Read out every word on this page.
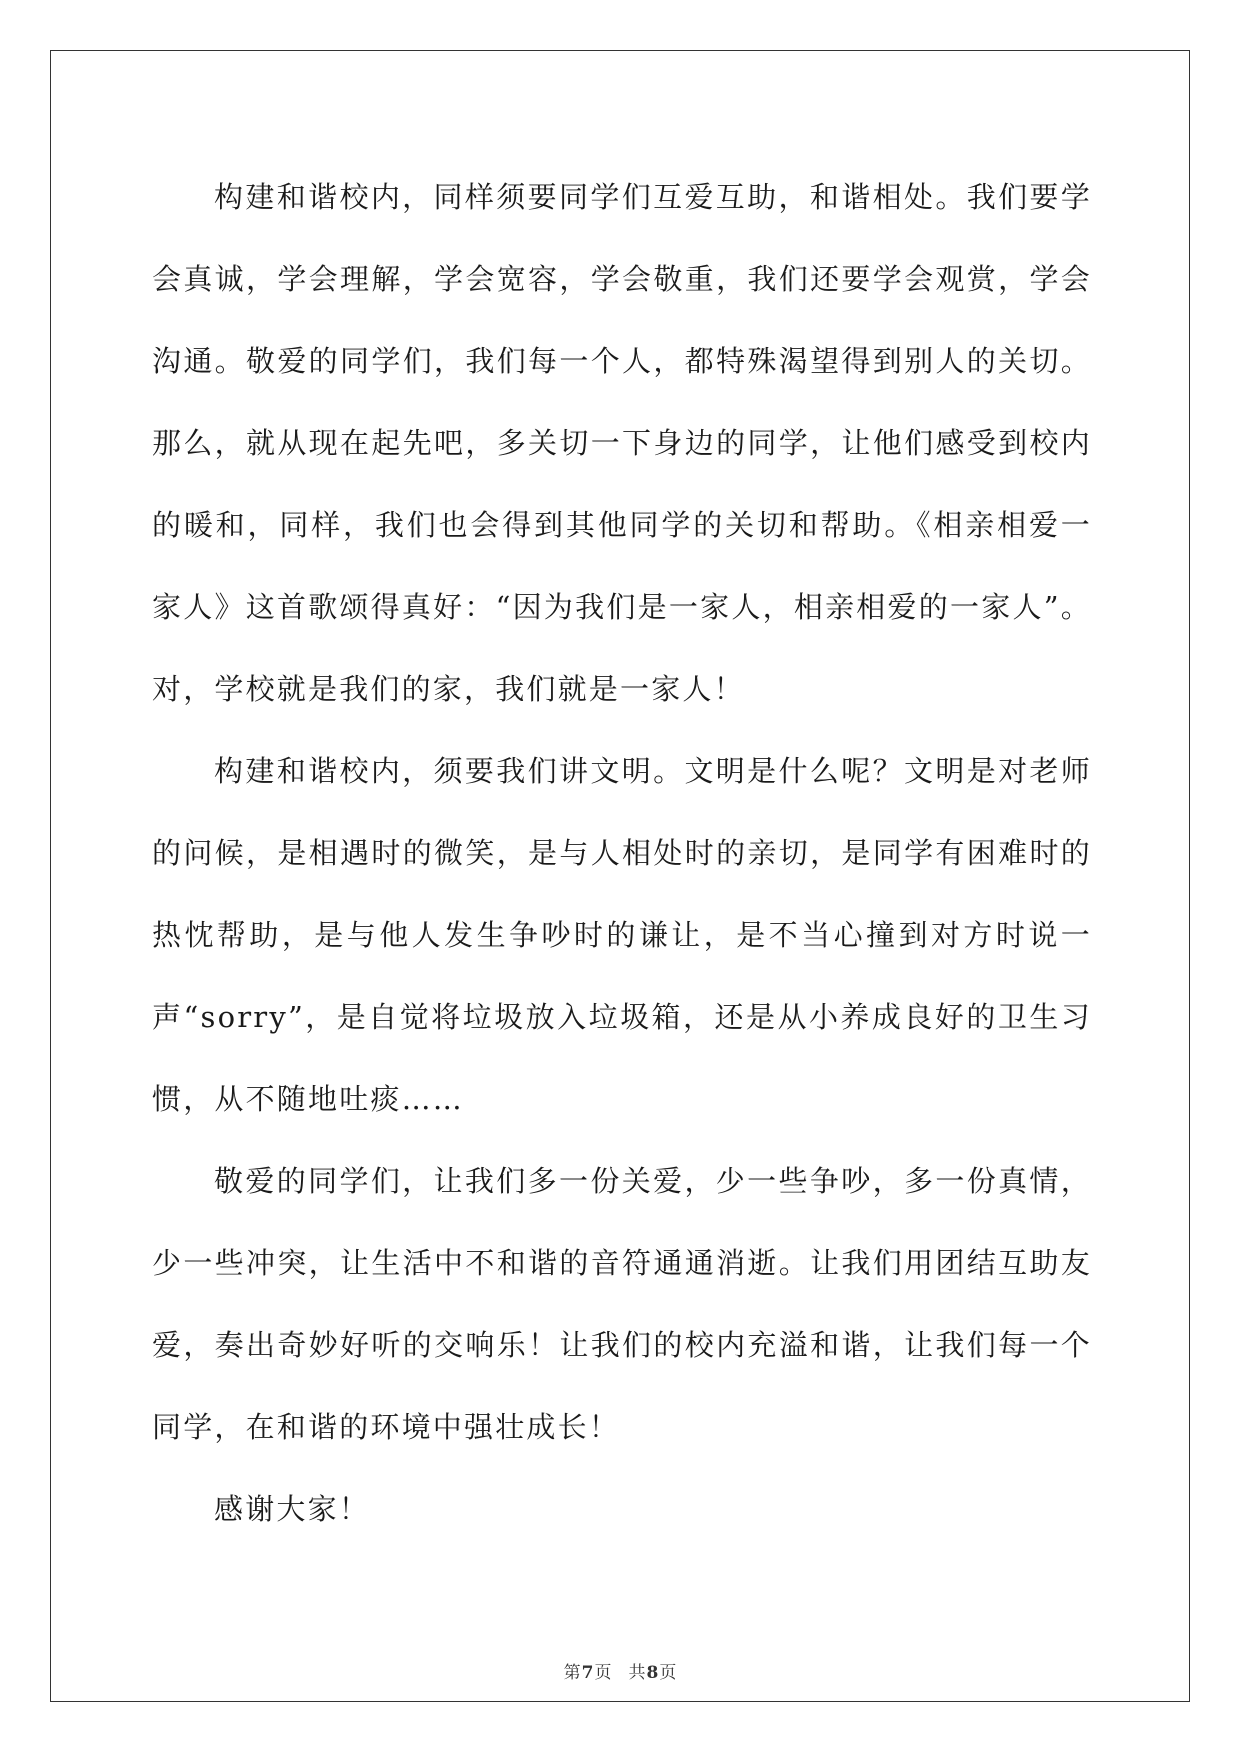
构建和谐校内，同样须要同学们互爱互助，和谐相处。我们要学会真诚，学会理解，学会宽容，学会敬重，我们还要学会观赏，学会沟通。敬爱的同学们，我们每一个人，都特殊渴望得到别人的关切。那么，就从现在起先吧，多关切一下身边的同学，让他们感受到校内的暖和，同样，我们也会得到其他同学的关切和帮助。《相亲相爱一家人》这首歌颂得真好：“因为我们是一家人，相亲相爱的一家人”。对，学校就是我们的家，我们就是一家人！

构建和谐校内，须要我们讲文明。文明是什么呢？文明是对老师的问候，是相遇时的微笑，是与人相处时的亲切，是同学有困难时的热忱帮助，是与他人发生争吵时的谦让，是不当心撞到对方时说一声“sorry”，是自觉将垃圾放入垃圾箱，还是从小养成良好的卫生习惯，从不随地吐痰……

敬爱的同学们，让我们多一份关爱，少一些争吵，多一份真情，少一些冲突，让生活中不和谐的音符通通消逝。让我们用团结互助友爱，奏出奇妙好听的交响乐！让我们的校内充溢和谐，让我们每一个同学，在和谐的环境中强壮成长！

感谢大家！

第7页 共8页
